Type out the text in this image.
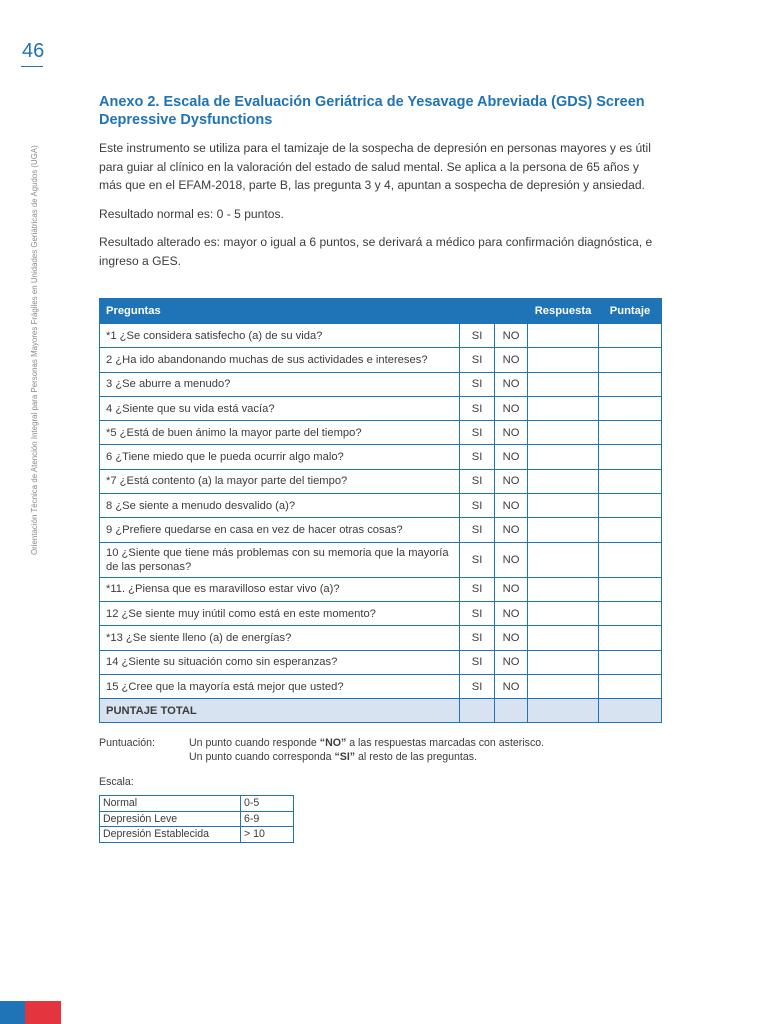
46
Orientación Técnica de Atención Integral para Personas Mayores Frágiles en Unidades Geriátricas de Agudos (UGA)
Anexo 2. Escala de Evaluación Geriátrica de Yesavage Abreviada (GDS) Screen Depressive Dysfunctions

Este instrumento se utiliza para el tamizaje de la sospecha de depresión en personas mayores y es útil para guiar al clínico en la valoración del estado de salud mental. Se aplica a la persona de 65 años y más que en el EFAM-2018, parte B, las pregunta 3 y 4, apuntan a sospecha de depresión y ansiedad.

Resultado normal es: 0 - 5 puntos.

Resultado alterado es: mayor o igual a 6 puntos, se derivará a médico para confirmación diagnóstica, e ingreso a GES.

Preguntas			Respuesta	Puntaje
*1 ¿Se considera satisfecho (a) de su vida?	SI	NO		
2 ¿Ha ido abandonando muchas de sus actividades e intereses?	SI	NO		
3 ¿Se aburre a menudo?	SI	NO		
4 ¿Siente que su vida está vacía?	SI	NO		
*5 ¿Está de buen ánimo la mayor parte del tiempo?	SI	NO		
6 ¿Tiene miedo que le pueda ocurrir algo malo?	SI	NO		
*7 ¿Está contento (a) la mayor parte del tiempo?	SI	NO		
8 ¿Se siente a menudo desvalido (a)?	SI	NO		
9 ¿Prefiere quedarse en casa en vez de hacer otras cosas?	SI	NO		
10 ¿Siente que tiene más problemas con su memoria que la mayoría de las personas?	SI	NO		
*11. ¿Piensa que es maravilloso estar vivo (a)?	SI	NO		
12 ¿Se siente muy inútil como está en este momento?	SI	NO		
*13 ¿Se siente lleno (a) de energías?	SI	NO		
14 ¿Siente su situación como sin esperanzas?	SI	NO		
15 ¿Cree que la mayoría está mejor que usted?	SI	NO		
PUNTAJE TOTAL				
Puntuación:	Un punto cuando responde “NO” a las respuestas marcadas con asterisco.
Un punto cuando corresponda “SI” al resto de las preguntas.
Escala:
Normal	0-5
Depresión Leve	6-9
Depresión Establecida	> 10
